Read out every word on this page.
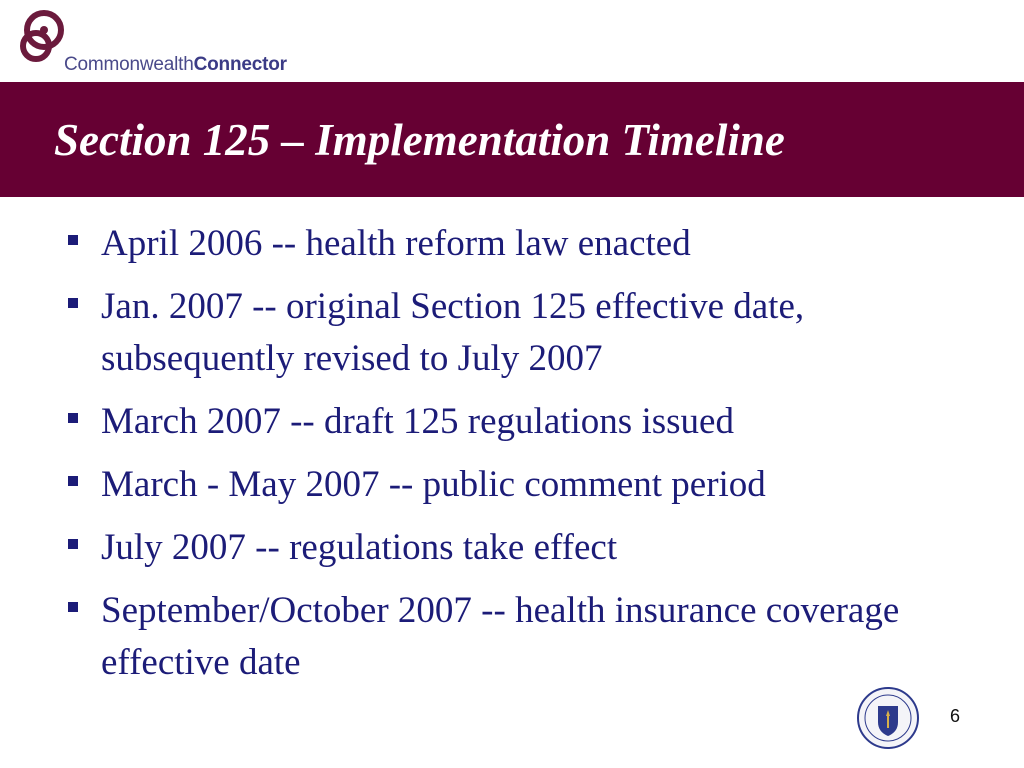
CommonwealthConnector
Section 125 – Implementation Timeline
April 2006 -- health reform law enacted
Jan. 2007 -- original Section 125 effective date, subsequently revised to July 2007
March 2007 -- draft 125 regulations issued
March - May 2007 -- public comment period
July 2007 -- regulations take effect
September/October 2007 -- health insurance coverage effective date
6
